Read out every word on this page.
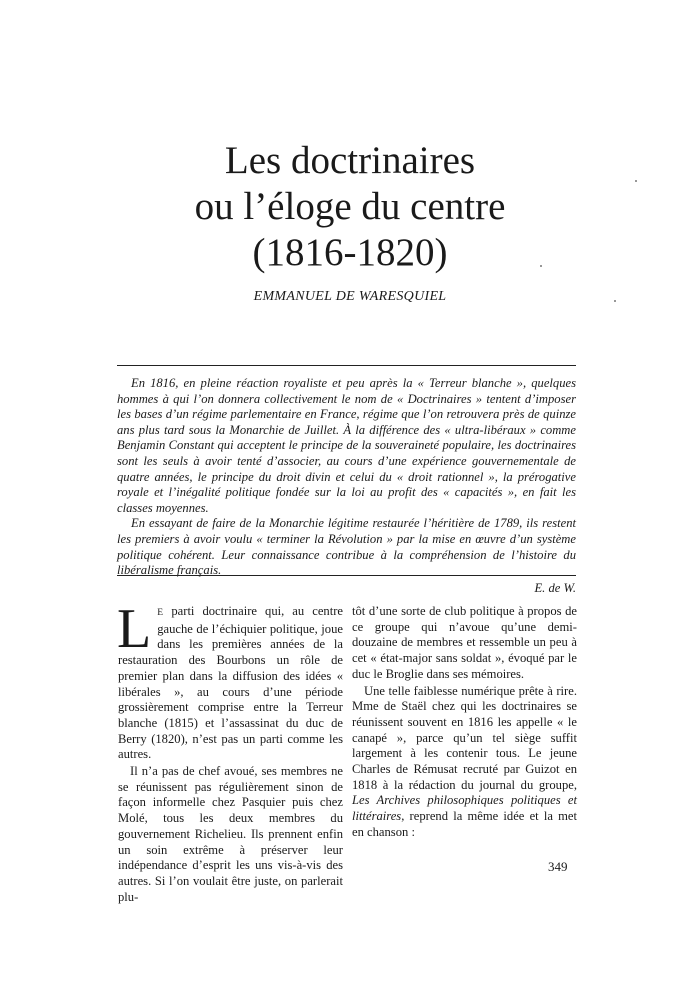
Les doctrinaires
ou l’éloge du centre
(1816-1820)
EMMANUEL DE WARESQUIEL

En 1816, en pleine réaction royaliste et peu après la « Terreur blanche », quelques hommes à qui l’on donnera collectivement le nom de « Doctrinaires » tentent d’imposer les bases d’un régime parlementaire en France, régime que l’on retrouvera près de quinze ans plus tard sous la Monarchie de Juillet. À la différence des « ultra-libéraux » comme Benjamin Constant qui acceptent le principe de la souveraineté populaire, les doctrinaires sont les seuls à avoir tenté d’associer, au cours d’une expérience gouvernementale de quatre années, le principe du droit divin et celui du « droit rationnel », la prérogative royale et l’inégalité politique fondée sur la loi au profit des « capacités », en fait les classes moyennes.

En essayant de faire de la Monarchie légitime restaurée l’héritière de 1789, ils restent les premiers à avoir voulu « terminer la Révolution » par la mise en œuvre d’un système politique cohérent. Leur connaissance contribue à la compréhension de l’histoire du libéralisme français.

E. de W.

L E parti doctrinaire qui, au centre gauche de l’échiquier politique, joue dans les premières années de la restauration des Bourbons un rôle de premier plan dans la diffusion des idées « libérales », au cours d’une période grossièrement comprise entre la Terreur blanche (1815) et l’assassinat du duc de Berry (1820), n’est pas un parti comme les autres.

Il n’a pas de chef avoué, ses membres ne se réunissent pas régulièrement sinon de façon informelle chez Pasquier puis chez Molé, tous les deux membres du gouvernement Richelieu. Ils prennent enfin un soin extrême à préserver leur indépendance d’esprit les uns vis-à-vis des autres. Si l’on voulait être juste, on parlerait plu-

tôt d’une sorte de club politique à propos de ce groupe qui n’avoue qu’une demi-douzaine de membres et ressemble un peu à cet « état-major sans soldat », évoqué par le duc le Broglie dans ses mémoires.

Une telle faiblesse numérique prête à rire. Mme de Staël chez qui les doctrinaires se réunissent souvent en 1816 les appelle « le canapé », parce qu’un tel siège suffit largement à les contenir tous. Le jeune Charles de Rémusat recruté par Guizot en 1818 à la rédaction du journal du groupe, Les Archives philosophiques politiques et littéraires, reprend la même idée et la met en chanson :

349
